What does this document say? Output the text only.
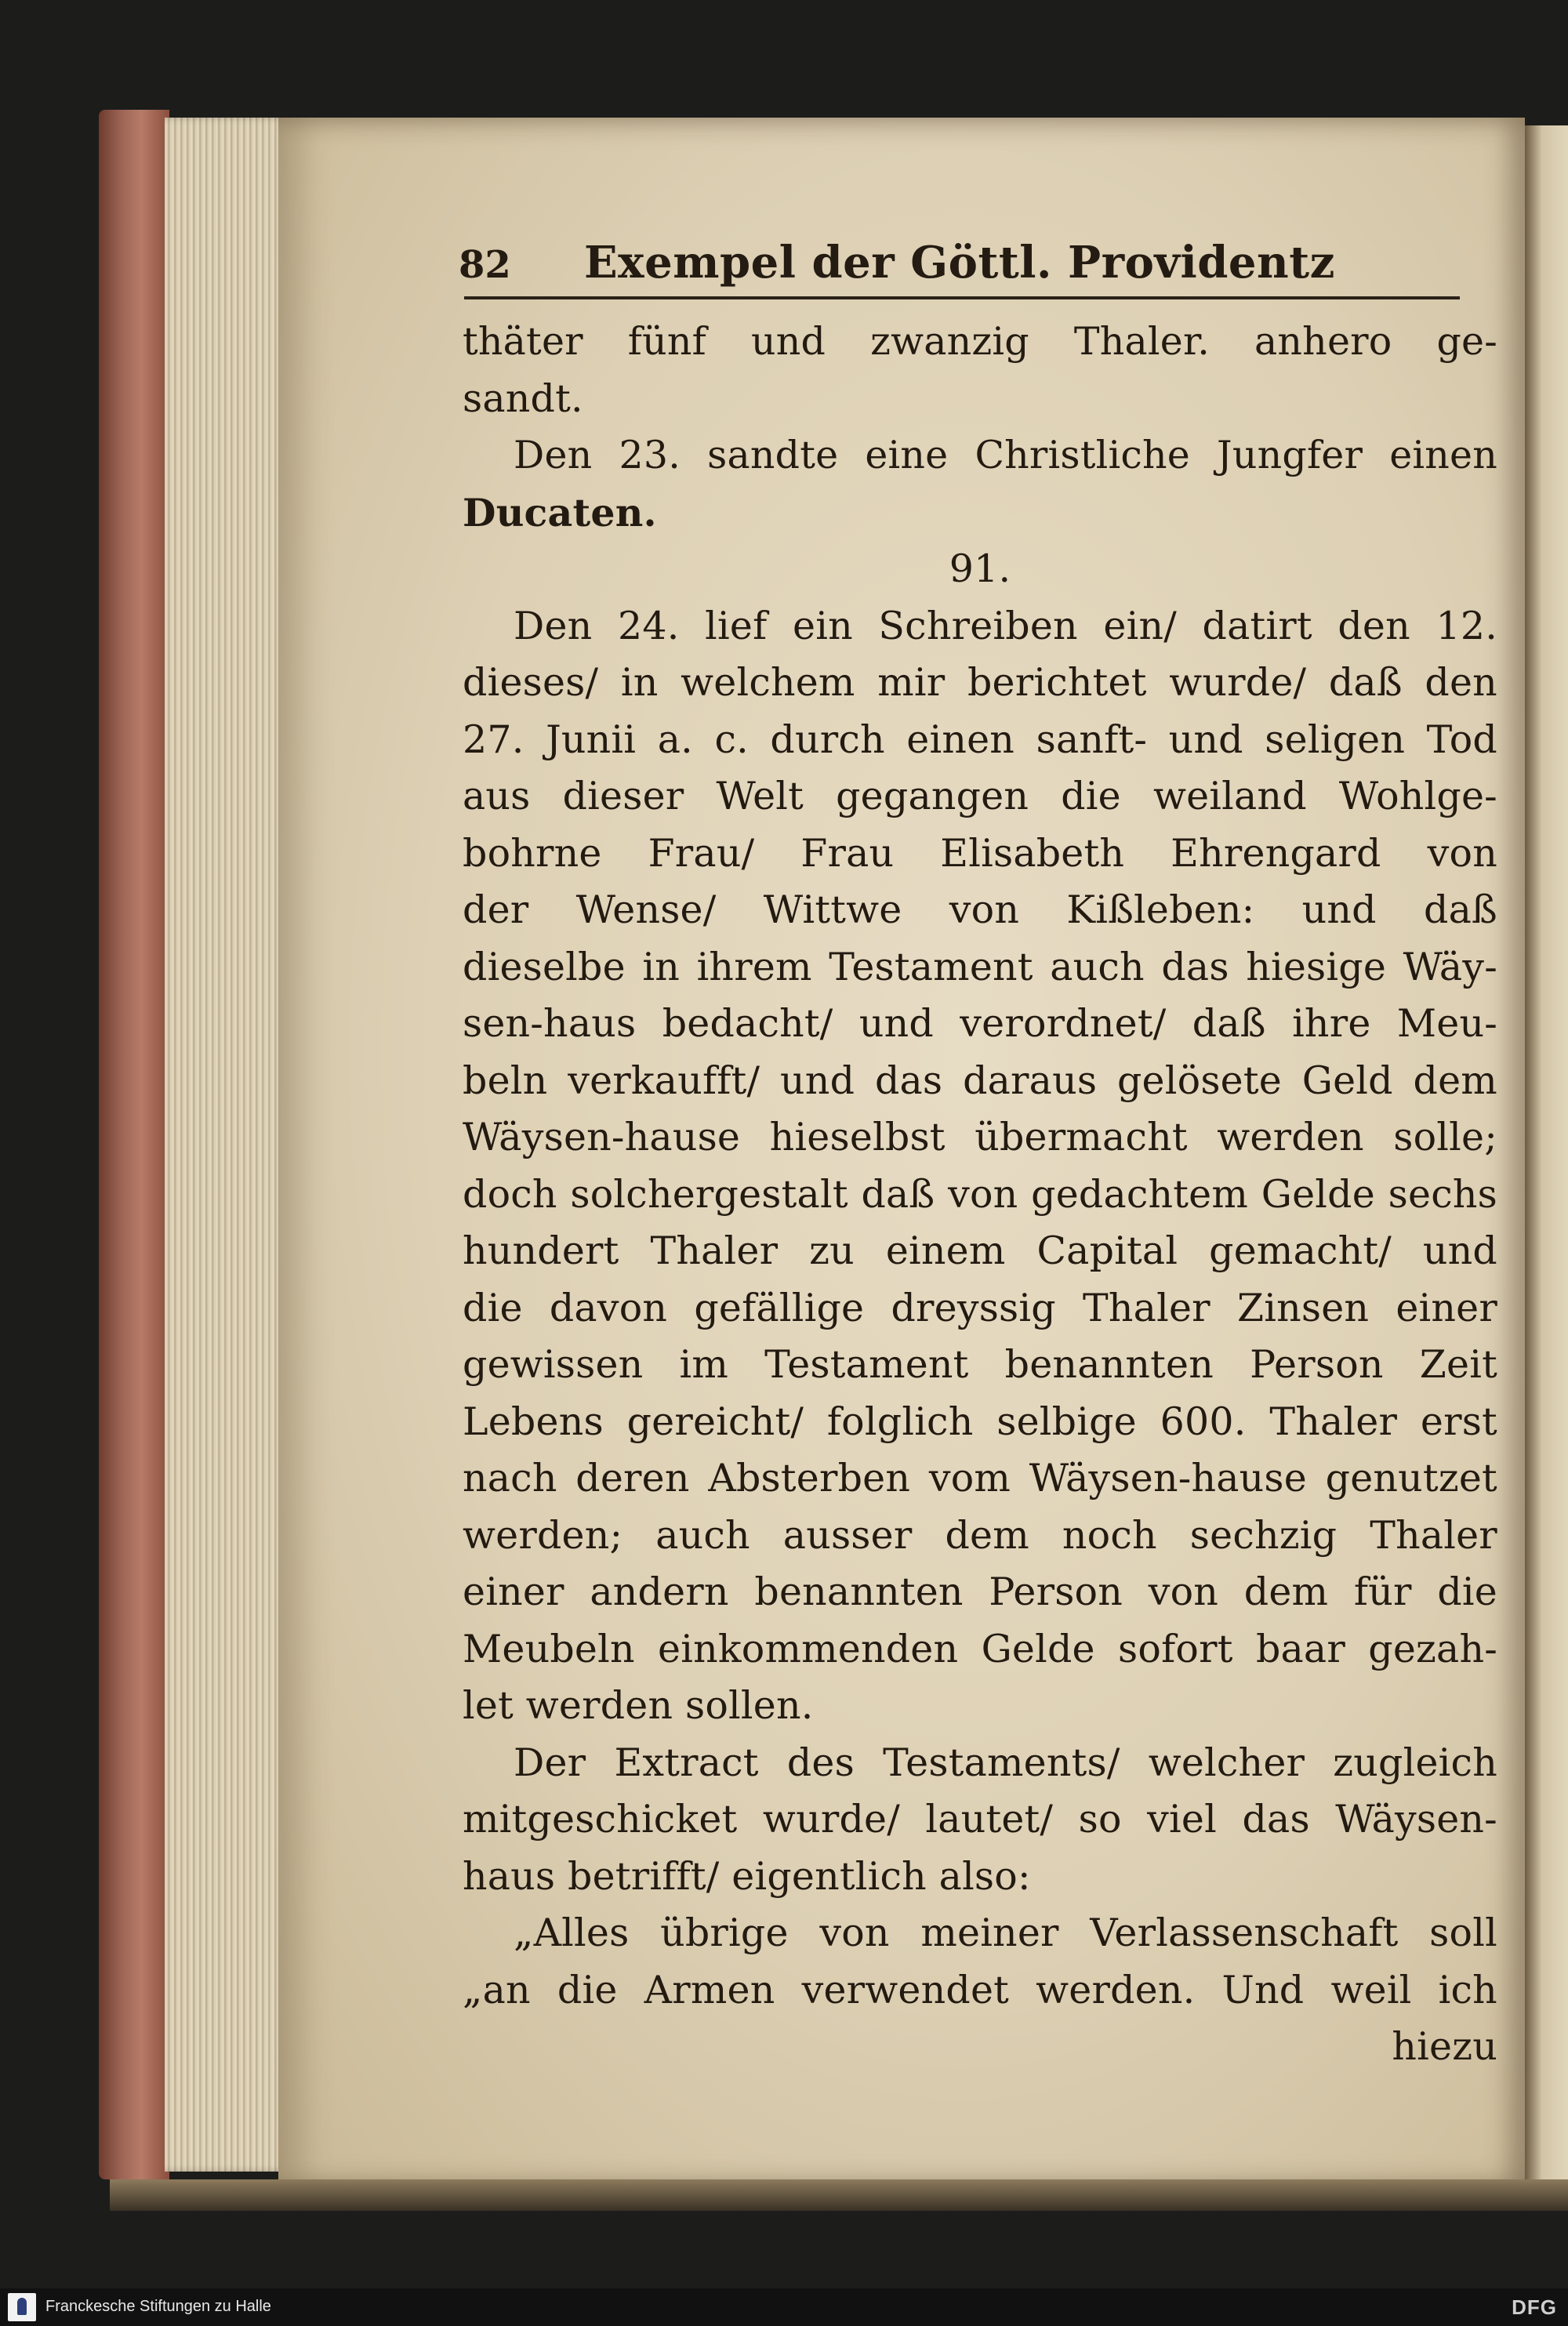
82 Exempel der Göttl. Providentz
thäter fünf und zwanzig Thaler. anhero ge-
sandt.
Den 23. sandte eine Christliche Jungfer einen
Ducaten.
91.
Den 24. lief ein Schreiben ein/ datirt den 12.
dieses/ in welchem mir berichtet wurde/ daß den
27. Junii a. c. durch einen sanft- und seligen Tod
aus dieser Welt gegangen die weiland Wohlge-
bohrne Frau/ Frau Elisabeth Ehrengard von
der Wense/ Wittwe von Kißleben: und daß
dieselbe in ihrem Testament auch das hiesige Wäy-
sen-haus bedacht/ und verordnet/ daß ihre Meu-
beln verkaufft/ und das daraus gelösete Geld dem
Wäysen-hause hieselbst übermacht werden solle;
doch solchergestalt daß von gedachtem Gelde sechs
hundert Thaler zu einem Capital gemacht/ und
die davon gefällige dreyssig Thaler Zinsen einer
gewissen im Testament benannten Person Zeit
Lebens gereicht/ folglich selbige 600. Thaler erst
nach deren Absterben vom Wäysen-hause genutzet
werden; auch ausser dem noch sechzig Thaler
einer andern benannten Person von dem für die
Meubeln einkommenden Gelde sofort baar gezah-
let werden sollen.
Der Extract des Testaments/ welcher zugleich
mitgeschicket wurde/ lautet/ so viel das Wäysen-
haus betrifft/ eigentlich also:
„Alles übrige von meiner Verlassenschaft soll
„an die Armen verwendet werden. Und weil ich
hiezu
Franckesche Stiftungen zu Halle	DFG
